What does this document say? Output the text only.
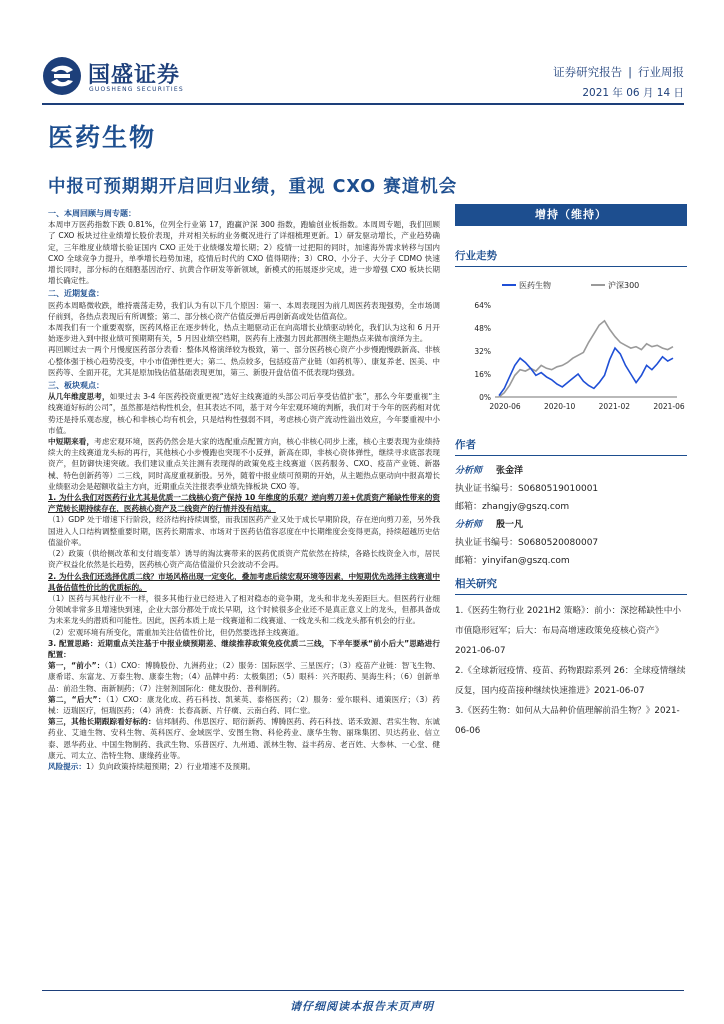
国盛证券
GUOSHENG SECURITIES
证券研究报告 | 行业周报
2021 年 06 月 14 日
医药生物
中报可预期期开启回归业绩，重视 CXO 赛道机会
一、本周回顾与周专题：
本周申万医药指数下跌 0.81%，位列全行业第 17，跑赢沪深 300 指数，跑输创业板指数。本周周专题，我们回顾了 CXO 板块过往业绩增长股价表现，并对相关标的业务概况进行了详细梳理更新。1）研发驱动增长，产业趋势确定，三年维度业绩增长验证国内 CXO 正处于业绩爆发增长期；2）疫情一过把阳的同时，加速海外需求转移与国内 CXO 全球竞争力提升，单季增长趋势加速，疫情后时代的 CXO 值得期待；3）CRO、小分子、大分子 CDMO 快速增长同时，部分标的在细胞基因治疗、抗黄合作研发等新领域，新模式的拓展逐步完成，进一步增强 CXO 板块长期增长确定性。
二、近期复盘：
医药本周略微收跌，维持震荡走势，我们认为有以下几个原因：第一、本周表现因为前几周医药表现强势，全市场调仔前到，各热点表现后有所调整；第二、部分核心资产估值反弹后再创新高或处估值高位。
本周我们有一个重要观察，医药风格正在逐步转化，热点主题驱动正在向高增长业绩驱动转化，我们认为这和 6 月开始逐步进入到中报业绩可预期期有关，5 月因业绩空档期，医药有上涨强力因此都围绕主题热点来做布演绎为主。
再回顾过去一两个月慢度医药部分表看：整体风格演绎较为极致，第一、部分医药核心资产小步慢跑慢跌新高、非核心整体强于核心趋势没变，中小市值弹性更大；第二、热点较多，包括疫苗产业链（如药机等）、康复养老、医美、中医药等、全面开花，尤其是原加钱估值基础表现更加，第三、新股开盘估值不低表现均强劲。
三、板块观点：
从几年维度思考，如果过去 3-4 年医药投资重更视“选好主线赛道的头部公司后享受估值扩张”，那么今年要重视“主线赛道好标的公司”，虽然都是结构性机会，但其表达不同，基于对今年宏观环境的判断，我们对于今年的医药相对优势还是持乐观态度，核心和非核心均有机会，只是结构性强弱不同，考虑核心资产流动性溢出效应，今年要重视中小市值。
中短期来看，考虑宏观环境，医药仍然会是大家的选配重点配置方向，核心非核心同步上涨，核心主要表现为业绩持续大的主线赛道龙头标的再行，其他核心小步慢跑也突现不小反弹，新高在即，非核心资体弹性，继续寻求底部表现资产，但防御快速突破。我们建议重点关注测有表现得的政策免疫主线赛道（医药服务、CXO、疫苗产业链、新器械、特色创新药等）二三线，同时高度重视新股。另外，随着中报业绩可预期的开始，从主题热点驱动向中报高增长业绩驱动会是超额收益主方向，近期重点关注报表季业绩先锋板块 CXO 等。
1. 为什么我们对医药行业尤其是优质一二线核心资产保持 10 年维度的乐观？逆向剪刀差+优质资产稀缺性带来的资产荒转长期持续存在，医药核心资产及二线资产的行情并没有结束。
（1）GDP 处于增速下行阶段，经济结构持续调整，而我国医药产业又处于成长早期阶段，存在逆向剪刀差，另外我国进入人口结构调整重要时期，医药长期需求、市场对于医药估值容忍度在中长期维度会变得更高，持续超越历史估值溢价率。
（2）政策（供给侧改革和支付端变革）诱导的淘汰赛带来的医药优质资产荒依然在持续，各路长线资金入市，居民资产权益化依然是长趋势，医药核心资产高估值溢价只会波动不会再。
2. 为什么我们还选择优质二线？市场风格出现一定变化，叠加考虑后续宏观环境等因素，中短期优先选择主线赛道中具备估值性价比的优质标的。
（1）医药与其他行业不一样，很多其他行业已经进入了相对稳态的竞争期，龙头和非龙头差距巨大。但医药行业细分领域非常多且增速快到速，企业大部分都处于成长早期，这个时候很多企业还不是真正意义上的龙头，但都具备成为未来龙头的潜质和可能性。因此，医药本质上是一线赛道和二线赛道、一线龙头和二线龙头都有机会的行业。
（2）宏观环境有所变化，需重加关注估值性价比，但仍然要选择主线赛道。
3. 配置思路：近期重点关注基于中报业绩预期差、继续推荐政策免疫优质二三线，下半年要承“前小后大”思路进行配置：
第一，“前小”：（1）CXO：博腾股份、九洲药业；（2）服务：国际医学、三星医疗；（3）疫苗产业链：智飞生物、康希诺、东富龙、万泰生物、康泰生物；（4）品牌中药：太极集团；（5）眼科：兴齐眼药、昊海生科；（6）创新单品：前沿生物、南新制药；（7）注射剂国际化：健友股份、普利制药。
第二，“后大”：（1）CXO：康龙化成、药石科技、凯莱英、泰格医药；（2）服务：爱尔眼科、通策医疗；（3）药械：迈瑞医疗，恒瑞医药；（4）消费：长春高新、片仔癀、云南白药、同仁堂。
第三，其他长期跟踪看好标的：信邦制药、伟思医疗、昭衍新药、博腾医药、药石科技、诺禾致源、君实生物、东诚药业、艾迪生物、安科生物、英科医疗、金域医学、安图生物、科伦药业、康华生物、丽珠集团、贝达药业、信立泰、恩华药业、中国生物制药、我武生物、乐普医疗、九州通、派林生物、益丰药房、老百姓、大参林、一心堂、健康元、司太立、浩特生物、康缘药业等。
风险提示：1）负向政策持续超预期；2）行业增速不及预期。
增持（维持）
行业走势
0%
16%
32%
48%
64%
2020-06	2020-10	2021-02	2021-06
医药生物	沪深300
作者
分析师 张金洋
执业证书编号：S0680519010001
邮箱：zhangjy@gszq.com
分析师 殷一凡
执业证书编号：S0680520080007
邮箱：yinyifan@gszq.com
相关研究
1.《医药生物行业 2021H2 策略》：前小：深挖稀缺性中小市值隐形冠军；后大：布局高增速政策免疫核心资产》2021-06-07
2.《全球新冠疫情、疫苗、药物跟踪系列 26：全球疫情继续反复，国内疫苗接种继续快速推进》2021-06-07
3.《医药生物：如何从大品种价值理解前沿生物？》2021-06-06
请仔细阅读本报告末页声明
